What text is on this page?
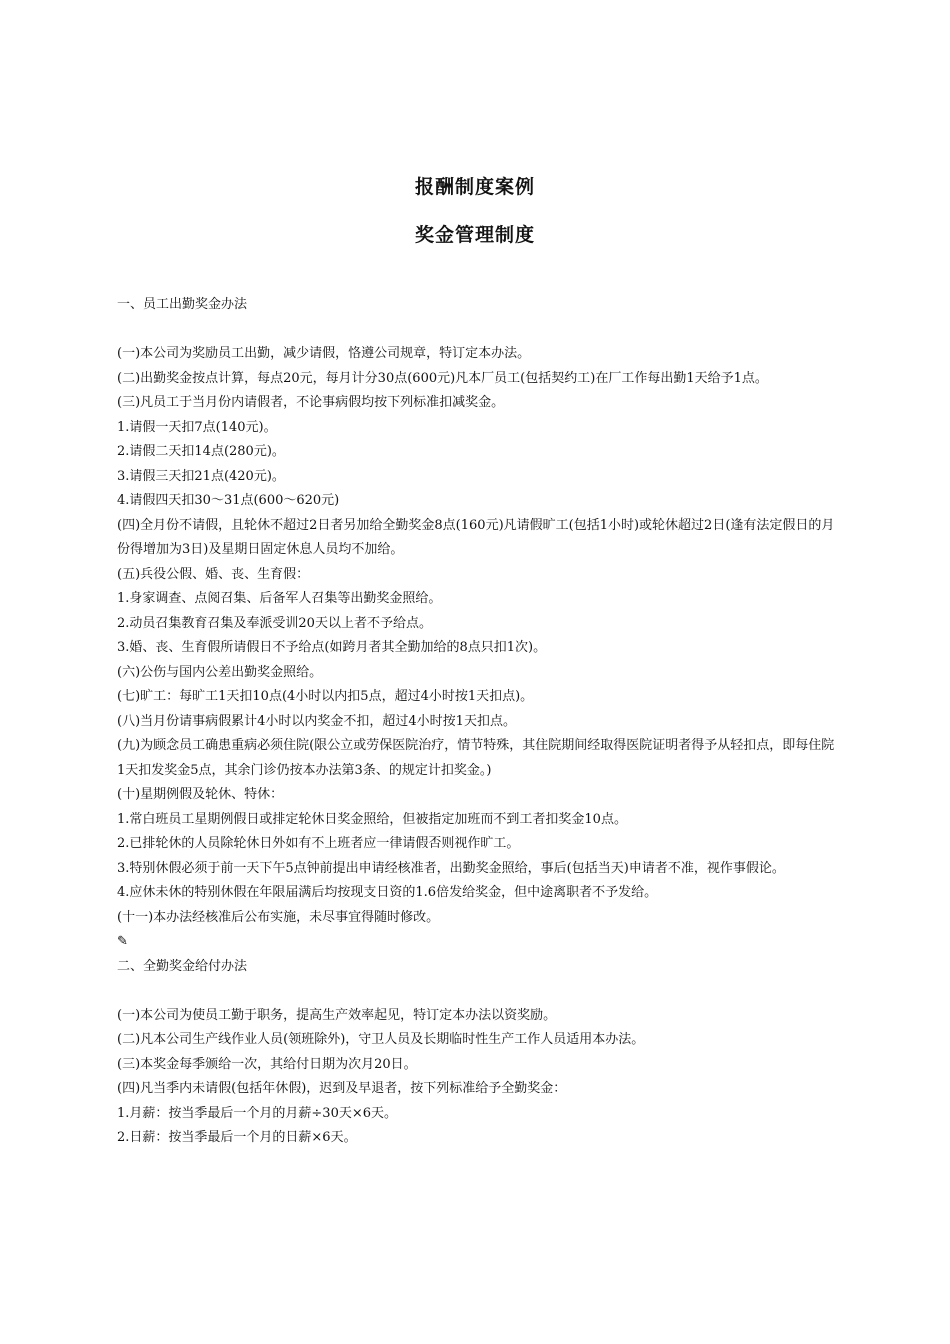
报酬制度案例
奖金管理制度

一、员工出勤奖金办法

(一)本公司为奖励员工出勤，减少请假，恪遵公司规章，特订定本办法。

(二)出勤奖金按点计算，每点20元，每月计分30点(600元)凡本厂员工(包括契约工)在厂工作每出勤1天给予1点。

(三)凡员工于当月份内请假者，不论事病假均按下列标准扣减奖金。

1.请假一天扣7点(140元)。

2.请假二天扣14点(280元)。

3.请假三天扣21点(420元)。

4.请假四天扣30～31点(600～620元)

(四)全月份不请假，且轮休不超过2日者另加给全勤奖金8点(160元)凡请假旷工(包括1小时)或轮休超过2日(逢有法定假日的月份得增加为3日)及星期日固定休息人员均不加给。

(五)兵役公假、婚、丧、生育假：

1.身家调查、点阅召集、后备军人召集等出勤奖金照给。

2.动员召集教育召集及奉派受训20天以上者不予给点。

3.婚、丧、生育假所请假日不予给点(如跨月者其全勤加给的8点只扣1次)。

(六)公伤与国内公差出勤奖金照给。

(七)旷工：每旷工1天扣10点(4小时以内扣5点，超过4小时按1天扣点)。

(八)当月份请事病假累计4小时以内奖金不扣，超过4小时按1天扣点。

(九)为顾念员工确患重病必须住院(限公立或劳保医院治疗，情节特殊，其住院期间经取得医院证明者得予从轻扣点，即每住院1天扣发奖金5点，其余门诊仍按本办法第3条、的规定计扣奖金。)

(十)星期例假及轮休、特休：

1.常白班员工星期例假日或排定轮休日奖金照给，但被指定加班而不到工者扣奖金10点。

2.已排轮休的人员除轮休日外如有不上班者应一律请假否则视作旷工。

3.特别休假必须于前一天下午5点钟前提出申请经核准者，出勤奖金照给，事后(包括当天)申请者不准，视作事假论。

4.应休未休的特别休假在年限届满后均按现支日资的1.6倍发给奖金，但中途离职者不予发给。

(十一)本办法经核准后公布实施，未尽事宜得随时修改。

✎

二、全勤奖金给付办法

(一)本公司为使员工勤于职务，提高生产效率起见，特订定本办法以资奖励。

(二)凡本公司生产线作业人员(领班除外)，守卫人员及长期临时性生产工作人员适用本办法。

(三)本奖金每季颁给一次，其给付日期为次月20日。

(四)凡当季内未请假(包括年休假)，迟到及早退者，按下列标准给予全勤奖金：

1.月薪：按当季最后一个月的月薪÷30天×6天。

2.日薪：按当季最后一个月的日薪×6天。
